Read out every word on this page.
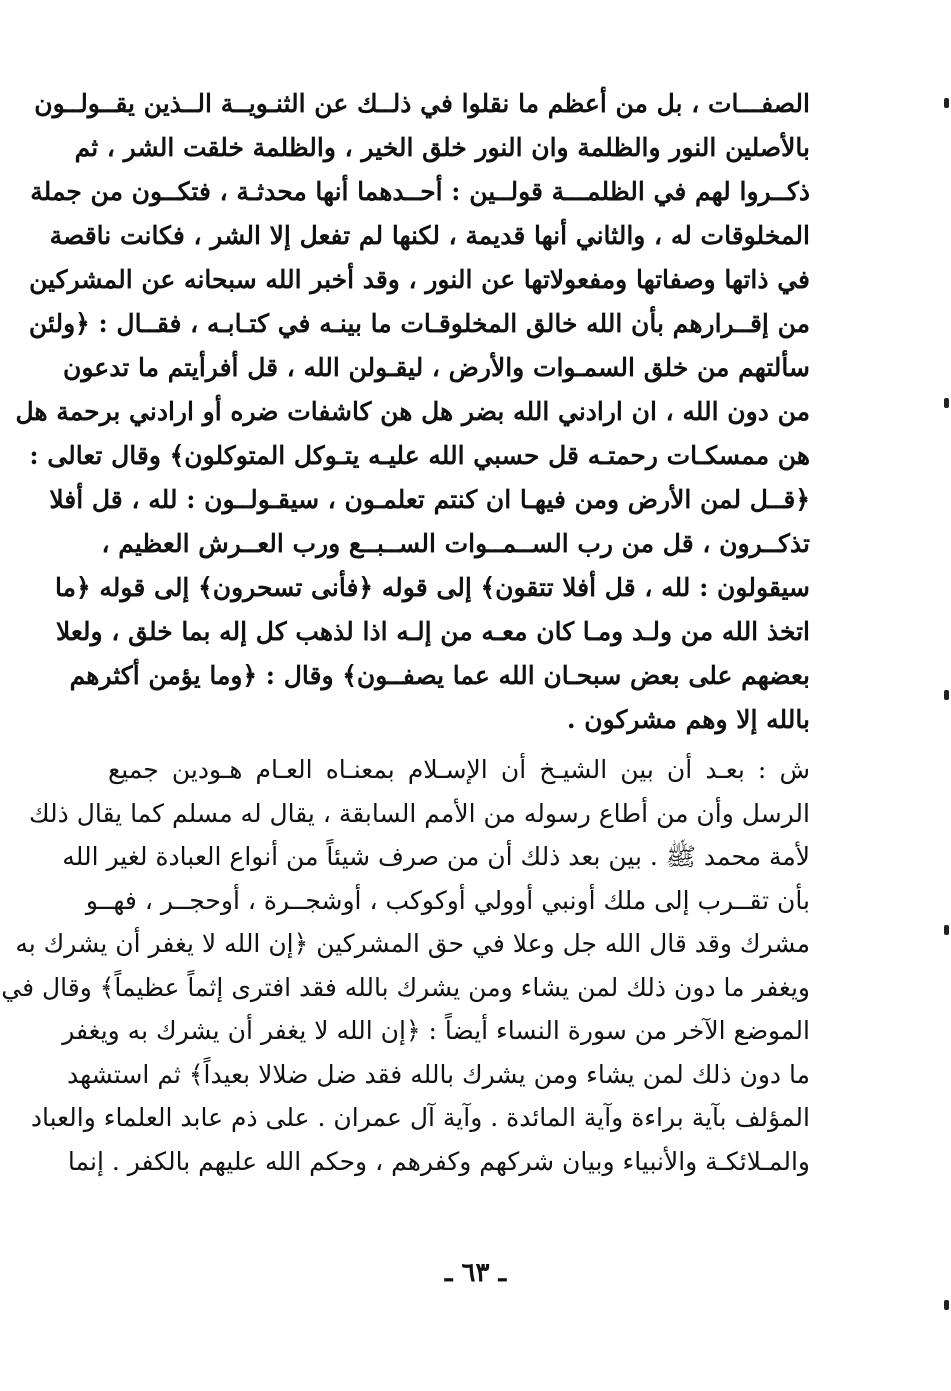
الصفـــات ، بل من أعظم ما نقلوا في ذلــك عن الثنـويــة الــذين يقــولــون
بالأصلين النور والظلمة وان النور خلق الخير ، والظلمة خلقت الشر ، ثم
ذكــروا لهم في الظلمـــة قولــين : أحــدهما أنها محدثـة ، فتكــون من جملة
المخلوقات له ، والثاني أنها قديمة ، لكنها لم تفعل إلا الشر ، فكانت ناقصة
في ذاتها وصفاتها ومفعولاتها عن النور ، وقد أخبر الله سبحانه عن المشركين
من إقــرارهم بأن الله خالق المخلوقـات ما بينـه في كتـابـه ، فقــال : ﴿ولئن
سألتهم من خلق السمـوات والأرض ، ليقـولن الله ، قل أفرأيتم ما تدعون
من دون الله ، ان ارادني الله بضر هل هن كاشفات ضره أو ارادني برحمة هل
هن ممسكـات رحمتـه قل حسبي الله عليـه يتـوكل المتوكلون﴾ وقال تعالى :
﴿قــل لمن الأرض ومن فيهـا ان كنتم تعلمـون ، سيقـولــون : لله ، قل أفلا
تذكــرون ، قل من رب الســمــوات الســبــع ورب العــرش العظيم ،
سيقولون : لله ، قل أفلا تتقون﴾ إلى قوله ﴿فأنى تسحرون﴾ إلى قوله ﴿ما
اتخذ الله من ولـد ومـا كان معـه من إلـه اذا لذهب كل إله بما خلق ، ولعلا
بعضهم على بعض سبحـان الله عما يصفــون﴾ وقال : ﴿وما يؤمن أكثرهم
بالله إلا وهم مشركون .
ش : بعـد أن بين الشيـخ أن الإسـلام بمعنـاه العـام هـودين جميع
الرسل وأن من أطاع رسوله من الأمم السابقة ، يقال له مسلم كما يقال ذلك
لأمة محمد ﷺ . بين بعد ذلك أن من صرف شيئاً من أنواع العبادة لغير الله
بأن تقــرب إلى ملك أونبي أوولي أوكوكب ، أوشجــرة ، أوحجــر ، فهــو
مشرك وقد قال الله جل وعلا في حق المشركين ﴿إن الله لا يغفر أن يشرك به
ويغفر ما دون ذلك لمن يشاء ومن يشرك بالله فقد افترى إثماً عظيماً﴾ وقال في
الموضع الآخر من سورة النساء أيضاً : ﴿إن الله لا يغفر أن يشرك به ويغفر
ما دون ذلك لمن يشاء ومن يشرك بالله فقد ضل ضلالا بعيداً﴾ ثم استشهد
المؤلف بآية براءة وآية المائدة . وآية آل عمران . على ذم عابد العلماء والعباد
والمـلائكـة والأنبياء وبيان شركهم وكفرهم ، وحكم الله عليهم بالكفر . إنما
ـ ٦٣ ـ
